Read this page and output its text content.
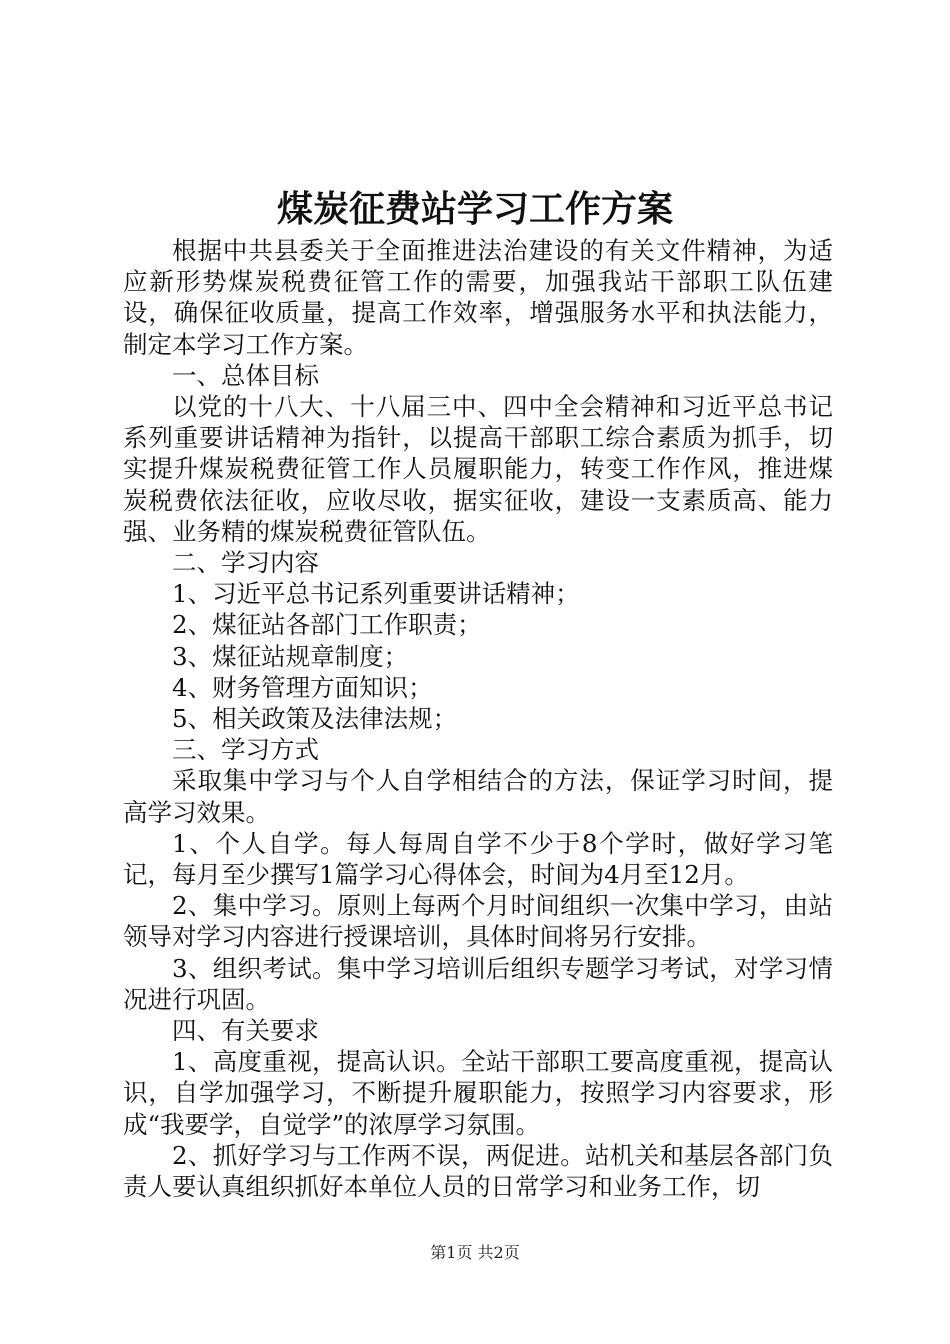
煤炭征费站学习工作方案

根据中共县委关于全面推进法治建设的有关文件精神，为适应新形势煤炭税费征管工作的需要，加强我站干部职工队伍建设，确保征收质量，提高工作效率，增强服务水平和执法能力，制定本学习工作方案。

一、总体目标

以党的十八大、十八届三中、四中全会精神和习近平总书记系列重要讲话精神为指针，以提高干部职工综合素质为抓手，切实提升煤炭税费征管工作人员履职能力，转变工作作风，推进煤炭税费依法征收，应收尽收，据实征收，建设一支素质高、能力强、业务精的煤炭税费征管队伍。

二、学习内容

1、习近平总书记系列重要讲话精神；

2、煤征站各部门工作职责；

3、煤征站规章制度；

4、财务管理方面知识；

5、相关政策及法律法规；

三、学习方式

采取集中学习与个人自学相结合的方法，保证学习时间，提高学习效果。

1、个人自学。每人每周自学不少于8个学时，做好学习笔记，每月至少撰写1篇学习心得体会，时间为4月至12月。

2、集中学习。原则上每两个月时间组织一次集中学习，由站领导对学习内容进行授课培训，具体时间将另行安排。

3、组织考试。集中学习培训后组织专题学习考试，对学习情况进行巩固。

四、有关要求

1、高度重视，提高认识。全站干部职工要高度重视，提高认识，自学加强学习，不断提升履职能力，按照学习内容要求，形成“我要学，自觉学”的浓厚学习氛围。

2、抓好学习与工作两不误，两促进。站机关和基层各部门负责人要认真组织抓好本单位人员的日常学习和业务工作，切

第1页 共2页
